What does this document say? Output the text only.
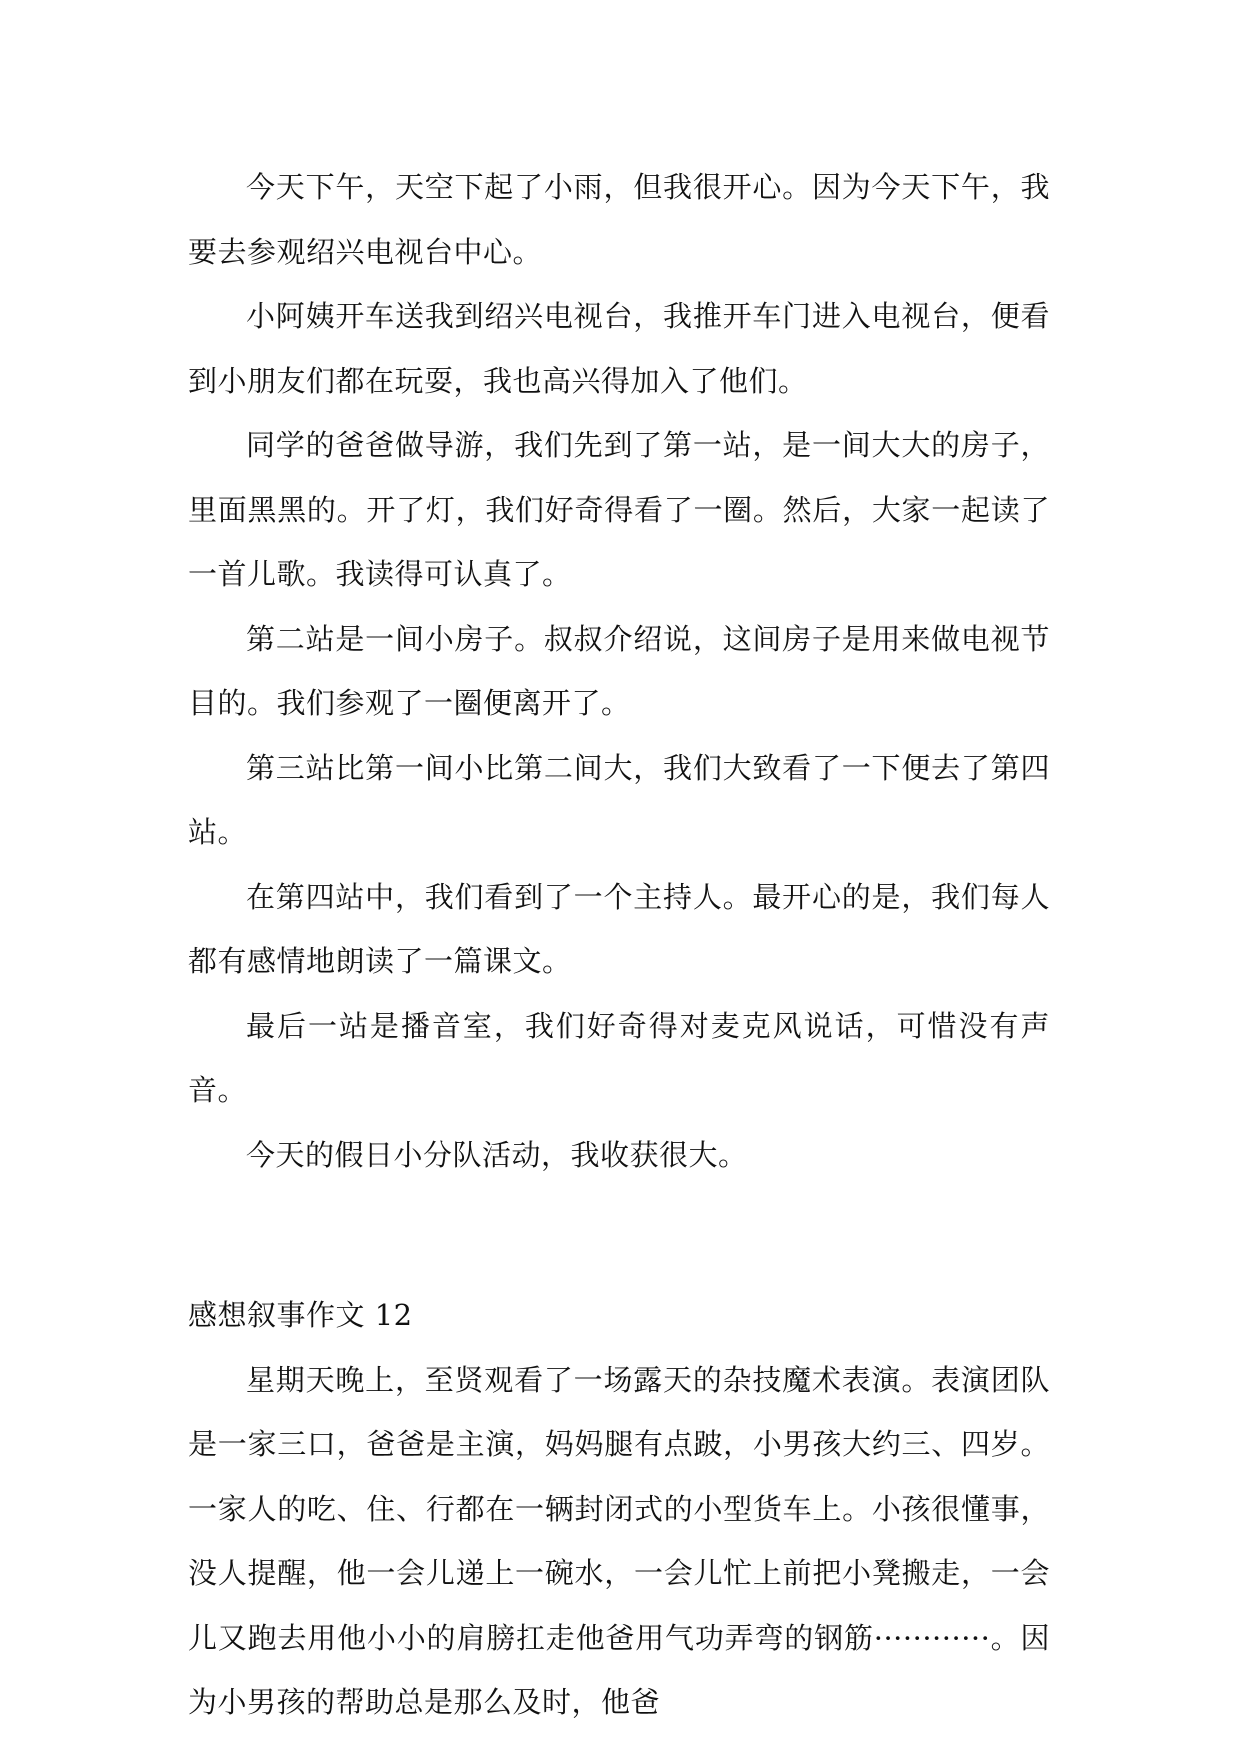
今天下午，天空下起了小雨，但我很开心。因为今天下午，我要去参观绍兴电视台中心。

小阿姨开车送我到绍兴电视台，我推开车门进入电视台，便看到小朋友们都在玩耍，我也高兴得加入了他们。

同学的爸爸做导游，我们先到了第一站，是一间大大的房子，里面黑黑的。开了灯，我们好奇得看了一圈。然后，大家一起读了一首儿歌。我读得可认真了。

第二站是一间小房子。叔叔介绍说，这间房子是用来做电视节目的。我们参观了一圈便离开了。

第三站比第一间小比第二间大，我们大致看了一下便去了第四站。

在第四站中，我们看到了一个主持人。最开心的是，我们每人都有感情地朗读了一篇课文。

最后一站是播音室，我们好奇得对麦克风说话，可惜没有声音。

今天的假日小分队活动，我收获很大。

感想叙事作文 12

星期天晚上，至贤观看了一场露天的杂技魔术表演。表演团队是一家三口，爸爸是主演，妈妈腿有点跛，小男孩大约三、四岁。一家人的吃、住、行都在一辆封闭式的小型货车上。小孩很懂事，没人提醒，他一会儿递上一碗水，一会儿忙上前把小凳搬走，一会儿又跑去用他小小的肩膀扛走他爸用气功弄弯的钢筋············。因为小男孩的帮助总是那么及时，他爸
